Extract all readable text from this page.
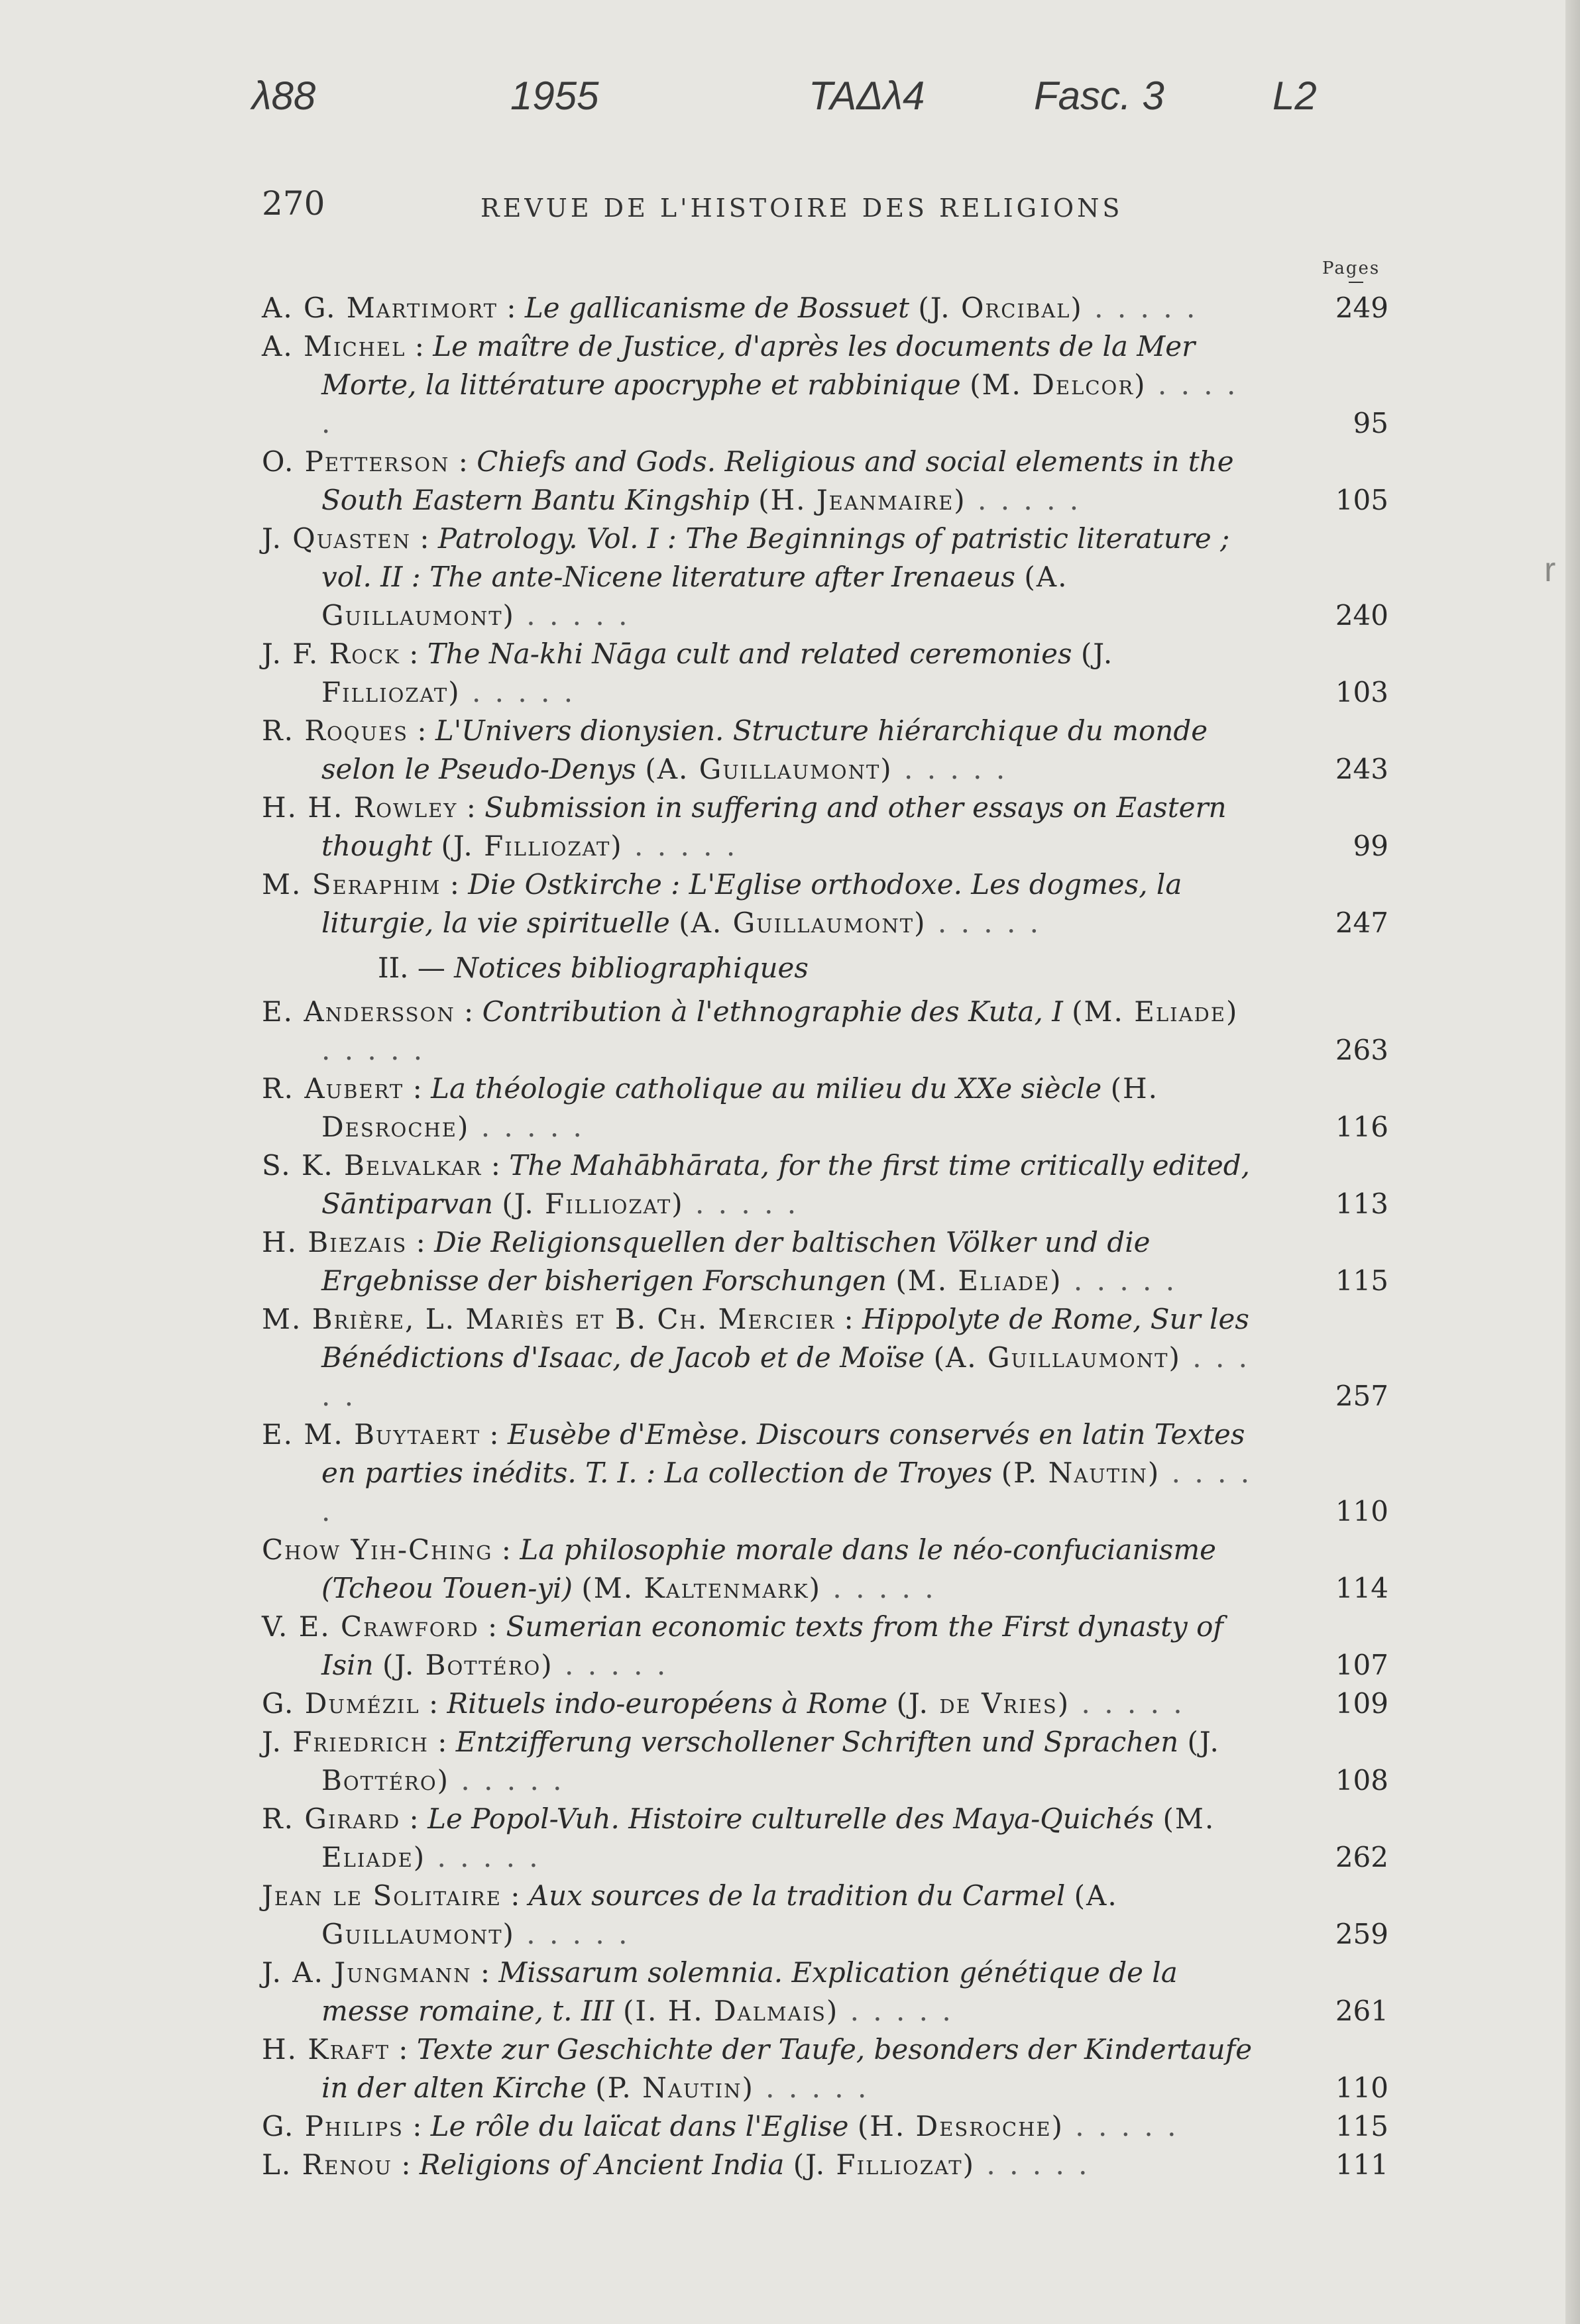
r
λ88	1955	TAΔλ4	Fasc. 3	L2
270	REVUE DE L'HISTOIRE DES RELIGIONS
Pages
A. G. Martimort : Le gallicanisme de Bossuet (J. Orcibal) . . . . .	249
A. Michel : Le maître de Justice, d'après les documents de la Mer Morte, la littérature apocryphe et rabbinique (M. Delcor) . . . . .	95
O. Petterson : Chiefs and Gods. Religious and social elements in the South Eastern Bantu Kingship (H. Jeanmaire) . . . . .	105
J. Quasten : Patrology. Vol. I : The Beginnings of patristic literature ; vol. II : The ante-Nicene literature after Irenaeus (A. Guillaumont) . . . . .	240
J. F. Rock : The Na-khi Nāga cult and related ceremonies (J. Filliozat) . . . . .	103
R. Roques : L'Univers dionysien. Structure hiérarchique du monde selon le Pseudo-Denys (A. Guillaumont) . . . . .	243
H. H. Rowley : Submission in suffering and other essays on Eastern thought (J. Filliozat) . . . . .	99
M. Seraphim : Die Ostkirche : L'Eglise orthodoxe. Les dogmes, la liturgie, la vie spirituelle (A. Guillaumont) . . . . .	247
II. — Notices bibliographiques
E. Andersson : Contribution à l'ethnographie des Kuta, I (M. Eliade) . . . . .	263
R. Aubert : La théologie catholique au milieu du XXe siècle (H. Desroche) . . . . .	116
S. K. Belvalkar : The Mahābhārata, for the first time critically edited, Sāntiparvan (J. Filliozat) . . . . .	113
H. Biezais : Die Religionsquellen der baltischen Völker und die Ergebnisse der bisherigen Forschungen (M. Eliade) . . . . .	115
M. Brière, L. Mariès et B. Ch. Mercier : Hippolyte de Rome, Sur les Bénédictions d'Isaac, de Jacob et de Moïse (A. Guillaumont) . . . . .	257
E. M. Buytaert : Eusèbe d'Emèse. Discours conservés en latin Textes en parties inédits. T. I. : La collection de Troyes (P. Nautin) . . . . .	110
Chow Yih-Ching : La philosophie morale dans le néo-confucianisme (Tcheou Touen-yi) (M. Kaltenmark) . . . . .	114
V. E. Crawford : Sumerian economic texts from the First dynasty of Isin (J. Bottéro) . . . . .	107
G. Dumézil : Rituels indo-européens à Rome (J. de Vries) . . . . .	109
J. Friedrich : Entzifferung verschollener Schriften und Sprachen (J. Bottéro) . . . . .	108
R. Girard : Le Popol-Vuh. Histoire culturelle des Maya-Quichés (M. Eliade) . . . . .	262
Jean le Solitaire : Aux sources de la tradition du Carmel (A. Guillaumont) . . . . .	259
J. A. Jungmann : Missarum solemnia. Explication génétique de la messe romaine, t. III (I. H. Dalmais) . . . . .	261
H. Kraft : Texte zur Geschichte der Taufe, besonders der Kindertaufe in der alten Kirche (P. Nautin) . . . . .	110
G. Philips : Le rôle du laïcat dans l'Eglise (H. Desroche) . . . . .	115
L. Renou : Religions of Ancient India (J. Filliozat) . . . . .	111
